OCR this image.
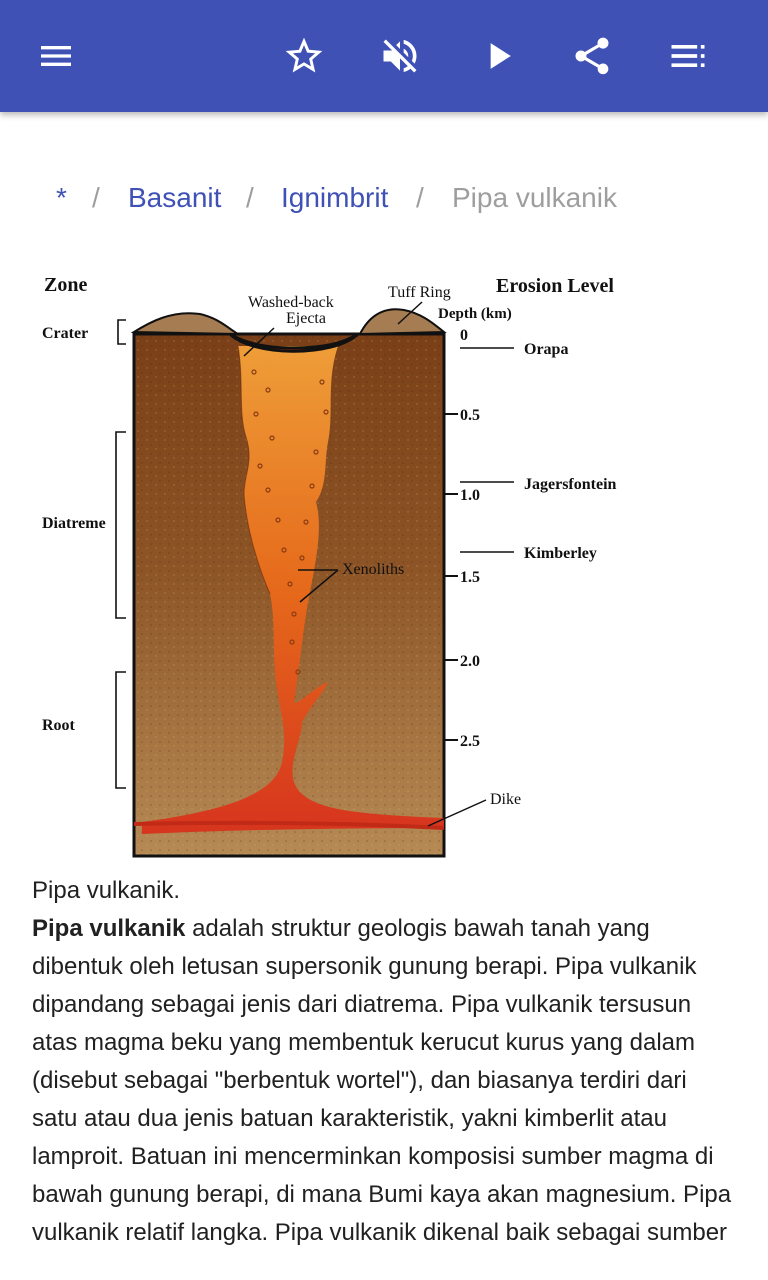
* / Basanit / Ignimbrit / Pipa vulkanik
Zone
Crater
Diatreme
Root
Washed-back
Ejecta
Tuff Ring Erosion Level
Depth (km)
0
0.5
1.0
1.5
2.0
2.5
Orapa
Jagersfontein
Kimberley
Xenoliths
Dike
Pipa vulkanik.

Pipa vulkanik adalah struktur geologis bawah tanah yang dibentuk oleh letusan supersonik gunung berapi. Pipa vulkanik dipandang sebagai jenis dari diatrema. Pipa vulkanik tersusun atas magma beku yang membentuk kerucut kurus yang dalam (disebut sebagai "berbentuk wortel"), dan biasanya terdiri dari satu atau dua jenis batuan karakteristik, yakni kimberlit atau lamproit. Batuan ini mencerminkan komposisi sumber magma di bawah gunung berapi, di mana Bumi kaya akan magnesium. Pipa vulkanik relatif langka. Pipa vulkanik dikenal baik sebagai sumber
